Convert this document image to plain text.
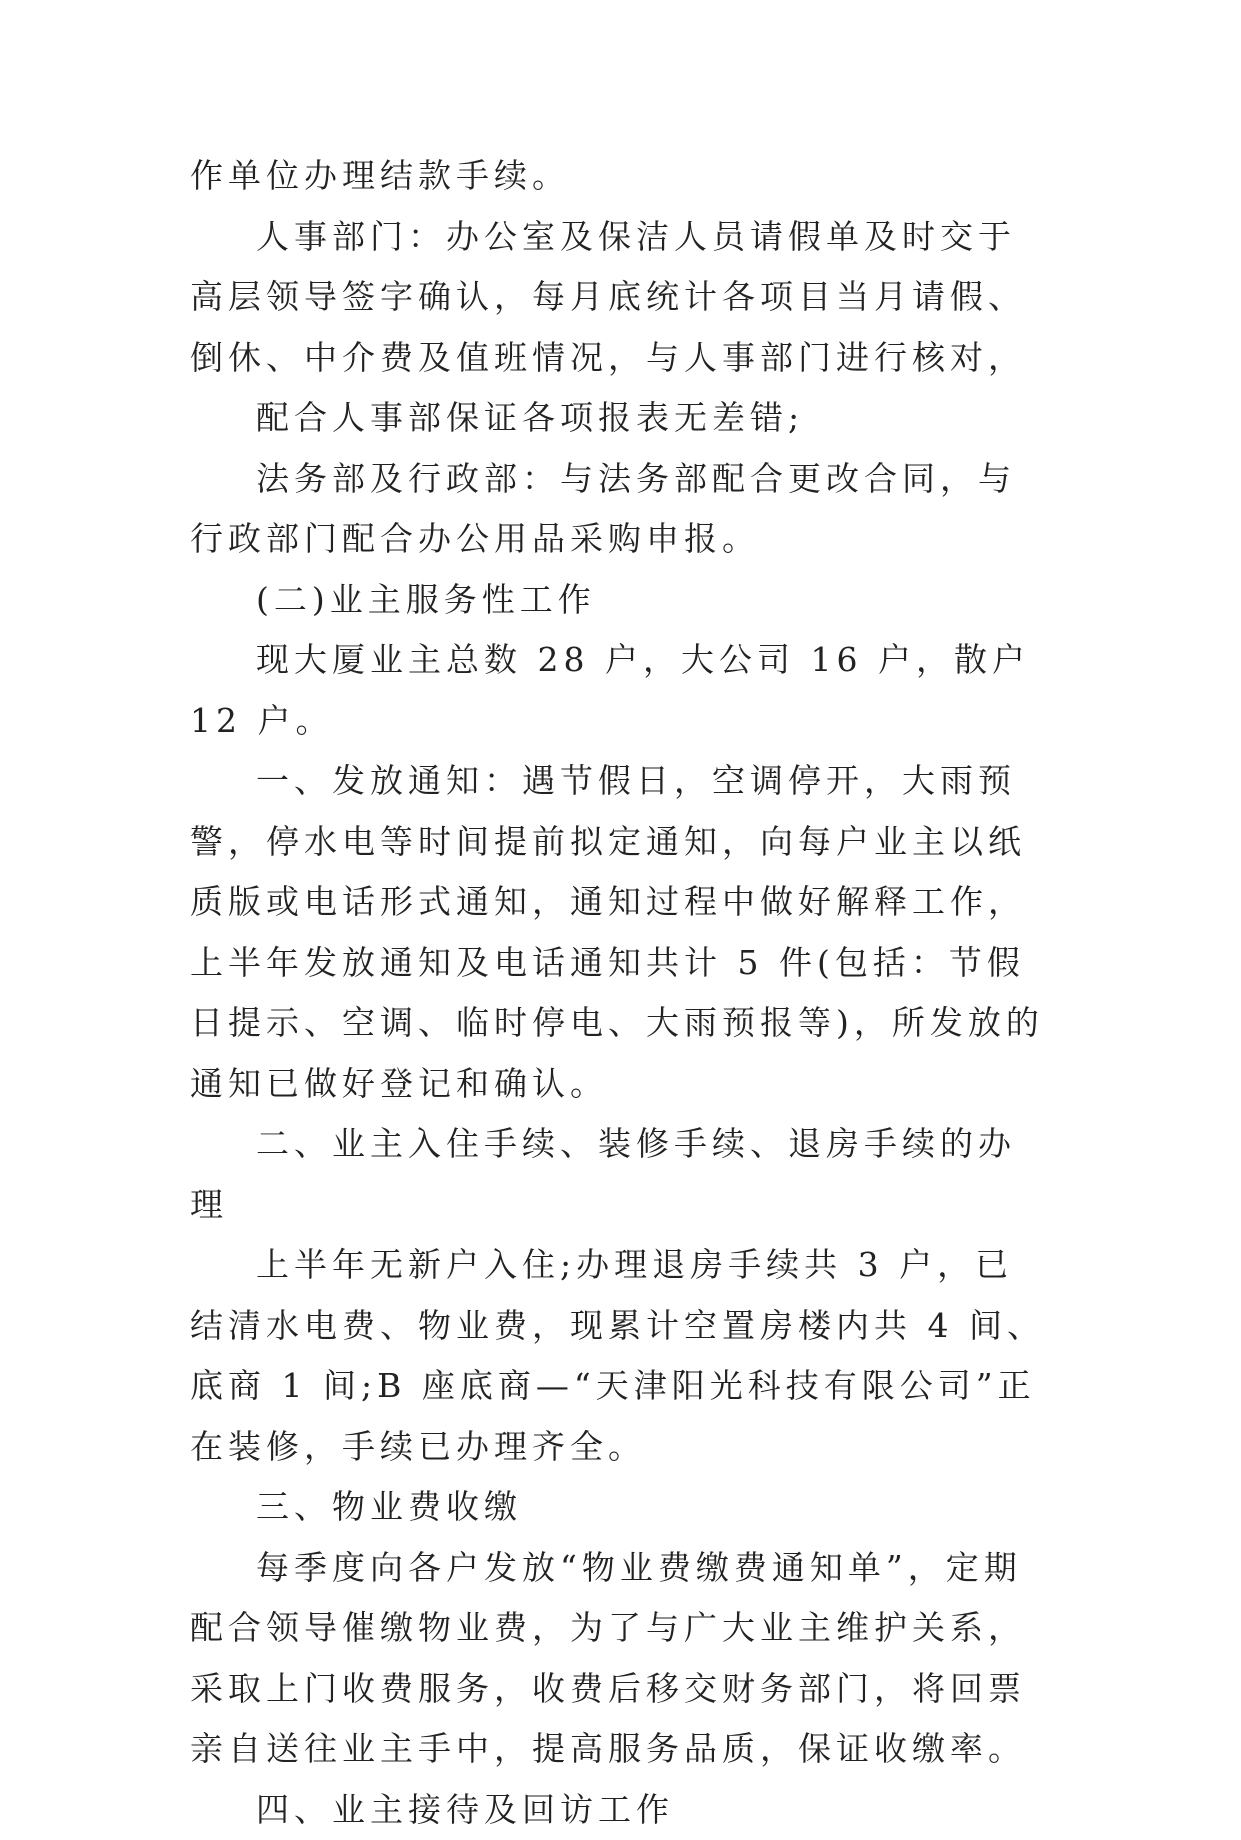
作单位办理结款手续。

人事部门：办公室及保洁人员请假单及时交于高层领导签字确认，每月底统计各项目当月请假、倒休、中介费及值班情况，与人事部门进行核对，

配合人事部保证各项报表无差错;

法务部及行政部：与法务部配合更改合同，与行政部门配合办公用品采购申报。

(二)业主服务性工作

现大厦业主总数 28 户，大公司 16 户，散户 12 户。

一、发放通知：遇节假日，空调停开，大雨预警，停水电等时间提前拟定通知，向每户业主以纸质版或电话形式通知，通知过程中做好解释工作，上半年发放通知及电话通知共计 5 件(包括：节假日提示、空调、临时停电、大雨预报等)，所发放的通知已做好登记和确认。

二、业主入住手续、装修手续、退房手续的办理

上半年无新户入住;办理退房手续共 3 户，已结清水电费、物业费，现累计空置房楼内共 4 间、底商 1 间;B 座底商—“天津阳光科技有限公司”正在装修，手续已办理齐全。

三、物业费收缴

每季度向各户发放“物业费缴费通知单”，定期配合领导催缴物业费，为了与广大业主维护关系，采取上门收费服务，收费后移交财务部门，将回票亲自送往业主手中，提高服务品质，保证收缴率。

四、业主接待及回访工作
